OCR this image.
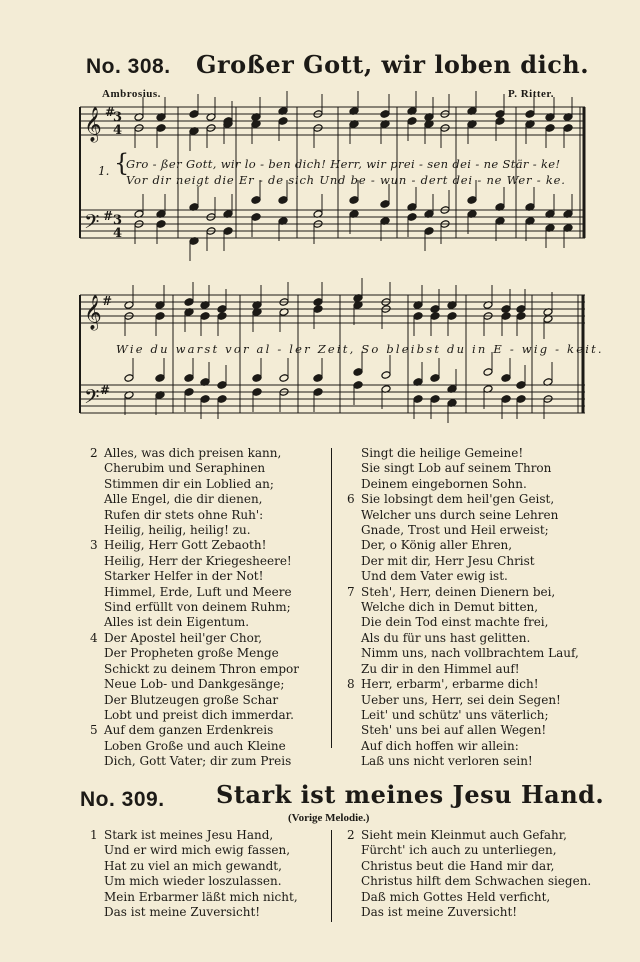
No. 308. Großer Gott, wir loben dich.
Ambrosius.	P. Ritter.
𝄞
𝄢
𝄞
𝄢
#
3
4
# 3
4
#
#
1. {
Gro - ßer Gott, wir lo - ben dich! Herr, wir prei - sen dei - ne Stär - ke!
Vor dir neigt die Er - de sich Und be - wun - dert dei - ne Wer - ke.
Wie du warst vor al - ler Zeit, So bleibst du in E - wig - keit.
2 Alles, was dich preisen kann,
Cherubim und Seraphinen
Stimmen dir ein Loblied an;
Alle Engel, die dir dienen,
Rufen dir stets ohne Ruh':
Heilig, heilig, heilig! zu.
3 Heilig, Herr Gott Zebaoth!
Heilig, Herr der Kriegesheere!
Starker Helfer in der Not!
Himmel, Erde, Luft und Meere
Sind erfüllt von deinem Ruhm;
Alles ist dein Eigentum.
4 Der Apostel heil'ger Chor,
Der Propheten große Menge
Schickt zu deinem Thron empor
Neue Lob- und Dankgesänge;
Der Blutzeugen große Schar
Lobt und preist dich immerdar.
5 Auf dem ganzen Erdenkreis
Loben Große und auch Kleine
Dich, Gott Vater; dir zum Preis
Singt die heilige Gemeine!
Sie singt Lob auf seinem Thron
Deinem eingebornen Sohn.
6 Sie lobsingt dem heil'gen Geist,
Welcher uns durch seine Lehren
Gnade, Trost und Heil erweist;
Der, o König aller Ehren,
Der mit dir, Herr Jesu Christ
Und dem Vater ewig ist.
7 Steh', Herr, deinen Dienern bei,
Welche dich in Demut bitten,
Die dein Tod einst machte frei,
Als du für uns hast gelitten.
Nimm uns, nach vollbrachtem Lauf,
Zu dir in den Himmel auf!
8 Herr, erbarm', erbarme dich!
Ueber uns, Herr, sei dein Segen!
Leit' und schütz' uns väterlich;
Steh' uns bei auf allen Wegen!
Auf dich hoffen wir allein:
Laß uns nicht verloren sein!
No. 309. Stark ist meines Jesu Hand.
(Vorige Melodie.)
1 Stark ist meines Jesu Hand,
Und er wird mich ewig fassen,
Hat zu viel an mich gewandt,
Um mich wieder loszulassen.
Mein Erbarmer läßt mich nicht,
Das ist meine Zuversicht!
2 Sieht mein Kleinmut auch Gefahr,
Fürcht' ich auch zu unterliegen,
Christus beut die Hand mir dar,
Christus hilft dem Schwachen siegen.
Daß mich Gottes Held verficht,
Das ist meine Zuversicht!
